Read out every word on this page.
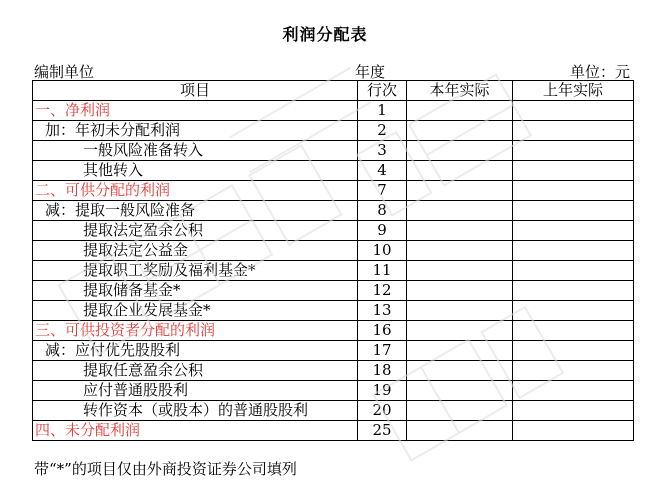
利润分配表
编制单位	年度	单位：元
项目	行次	本年实际	上年实际
一、净利润	1		
加：年初未分配利润	2		
一般风险准备转入	3		
其他转入	4		
二、可供分配的利润	7		
减：提取一般风险准备	8		
提取法定盈余公积	9		
提取法定公益金	10		
提取职工奖励及福利基金*	11		
提取储备基金*	12		
提取企业发展基金*	13		
三、可供投资者分配的利润	16		
减：应付优先股股利	17		
提取任意盈余公积	18		
应付普通股股利	19		
转作资本（或股本）的普通股股利	20		
四、未分配利润	25		
带“*”的项目仅由外商投资证券公司填列
